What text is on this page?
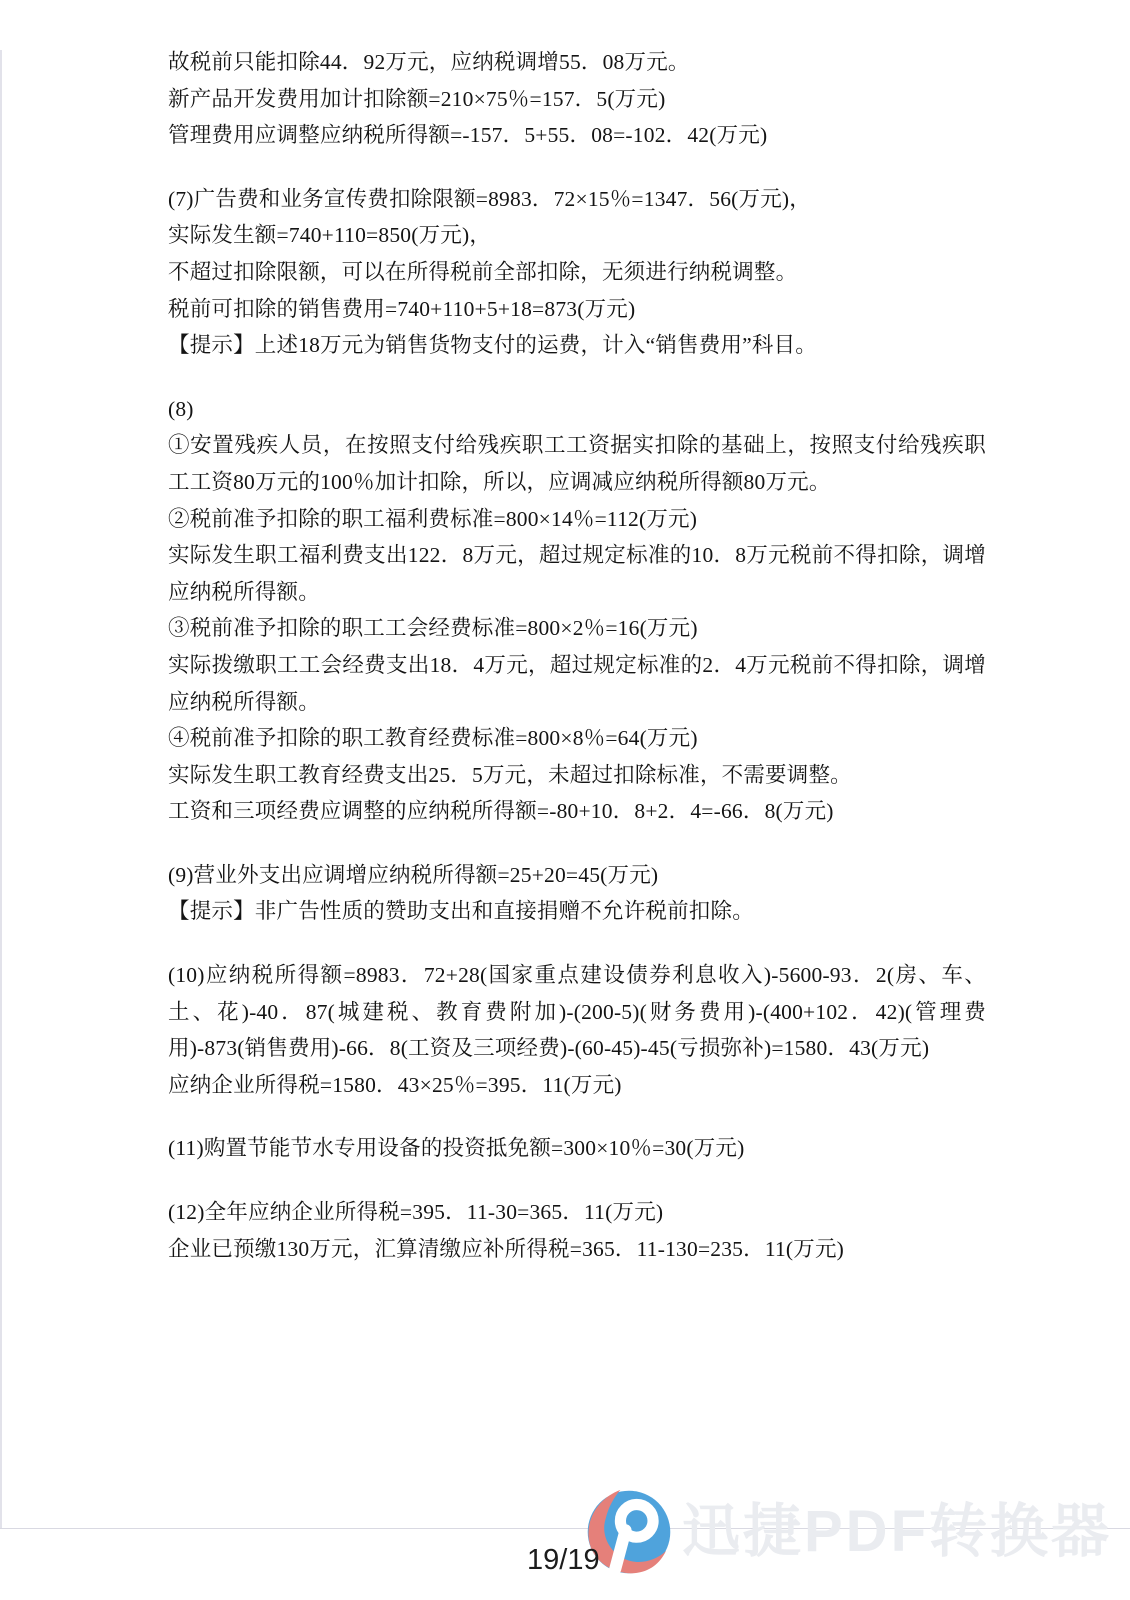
故税前只能扣除44．92万元，应纳税调增55．08万元。

新产品开发费用加计扣除额=210×75％=157．5(万元)

管理费用应调整应纳税所得额=-157．5+55．08=-102．42(万元)

(7)广告费和业务宣传费扣除限额=8983．72×15％=1347．56(万元)，

实际发生额=740+110=850(万元)，

不超过扣除限额，可以在所得税前全部扣除，无须进行纳税调整。

税前可扣除的销售费用=740+110+5+18=873(万元)

【提示】上述18万元为销售货物支付的运费，计入“销售费用”科目。

(8)

①安置残疾人员，在按照支付给残疾职工工资据实扣除的基础上，按照支付给残疾职工工资80万元的100％加计扣除，所以，应调减应纳税所得额80万元。

②税前准予扣除的职工福利费标准=800×14％=112(万元)

实际发生职工福利费支出122．8万元，超过规定标准的10．8万元税前不得扣除，调增应纳税所得额。

③税前准予扣除的职工工会经费标准=800×2％=16(万元)

实际拨缴职工工会经费支出18．4万元，超过规定标准的2．4万元税前不得扣除，调增应纳税所得额。

④税前准予扣除的职工教育经费标准=800×8％=64(万元)

实际发生职工教育经费支出25．5万元，未超过扣除标准，不需要调整。

工资和三项经费应调整的应纳税所得额=-80+10．8+2．4=-66．8(万元)

(9)营业外支出应调增应纳税所得额=25+20=45(万元)

【提示】非广告性质的赞助支出和直接捐赠不允许税前扣除。

(10)应纳税所得额=8983．72+28(国家重点建设债券利息收入)-5600-93．2(房、车、土、花)-40．87(城建税、教育费附加)-(200-5)(财务费用)-(400+102．42)(管理费用)-873(销售费用)-66．8(工资及三项经费)-(60-45)-45(亏损弥补)=1580．43(万元)

应纳企业所得税=1580．43×25％=395．11(万元)

(11)购置节能节水专用设备的投资抵免额=300×10％=30(万元)

(12)全年应纳企业所得税=395．11-30=365．11(万元)

企业已预缴130万元，汇算清缴应补所得税=365．11-130=235．11(万元)

迅捷PDF转换器
19/19
